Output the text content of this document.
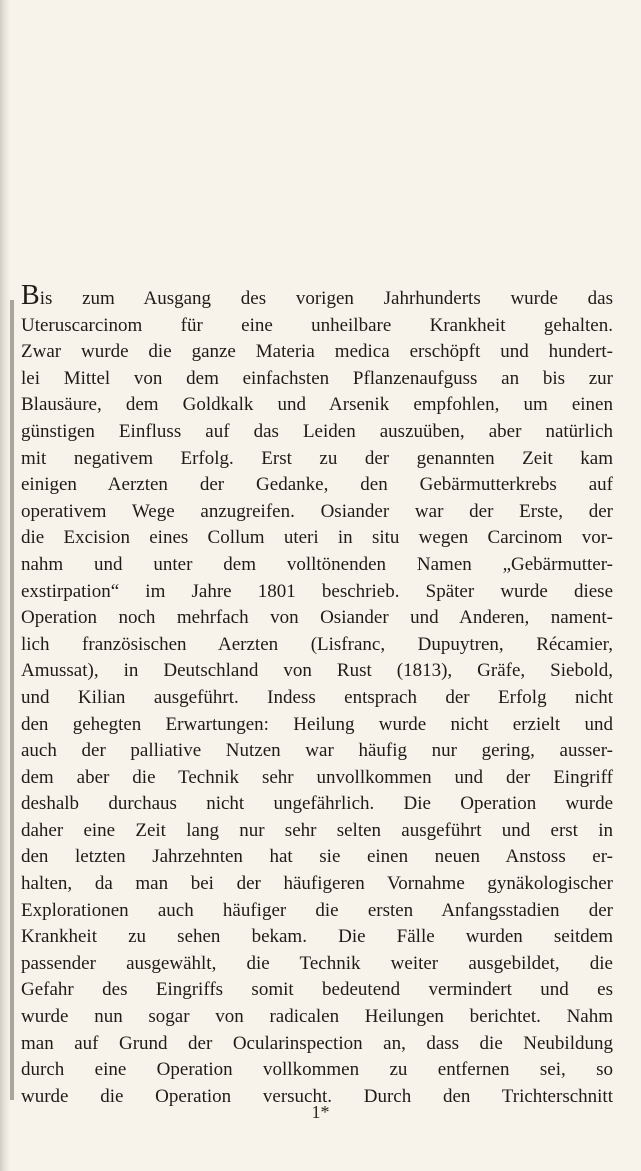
Bis zum Ausgang des vorigen Jahrhunderts wurde das
Uteruscarcinom für eine unheilbare Krankheit gehalten.
Zwar wurde die ganze Materia medica erschöpft und hundert-
lei Mittel von dem einfachsten Pflanzenaufguss an bis zur
Blausäure, dem Goldkalk und Arsenik empfohlen, um einen
günstigen Einfluss auf das Leiden auszuüben, aber natürlich
mit negativem Erfolg. Erst zu der genannten Zeit kam
einigen Aerzten der Gedanke, den Gebärmutterkrebs auf
operativem Wege anzugreifen. Osiander war der Erste, der
die Excision eines Collum uteri in situ wegen Carcinom vor-
nahm und unter dem volltönenden Namen „Gebärmutter-
exstirpation“ im Jahre 1801 beschrieb. Später wurde diese
Operation noch mehrfach von Osiander und Anderen, nament-
lich französischen Aerzten (Lisfranc, Dupuytren, Récamier,
Amussat), in Deutschland von Rust (1813), Gräfe, Siebold,
und Kilian ausgeführt. Indess entsprach der Erfolg nicht
den gehegten Erwartungen: Heilung wurde nicht erzielt und
auch der palliative Nutzen war häufig nur gering, ausser-
dem aber die Technik sehr unvollkommen und der Eingriff
deshalb durchaus nicht ungefährlich. Die Operation wurde
daher eine Zeit lang nur sehr selten ausgeführt und erst in
den letzten Jahrzehnten hat sie einen neuen Anstoss er-
halten, da man bei der häufigeren Vornahme gynäkologischer
Explorationen auch häufiger die ersten Anfangsstadien der
Krankheit zu sehen bekam. Die Fälle wurden seitdem
passender ausgewählt, die Technik weiter ausgebildet, die
Gefahr des Eingriffs somit bedeutend vermindert und es
wurde nun sogar von radicalen Heilungen berichtet. Nahm
man auf Grund der Ocularinspection an, dass die Neubildung
durch eine Operation vollkommen zu entfernen sei, so
wurde die Operation versucht. Durch den Trichterschnitt
1*
